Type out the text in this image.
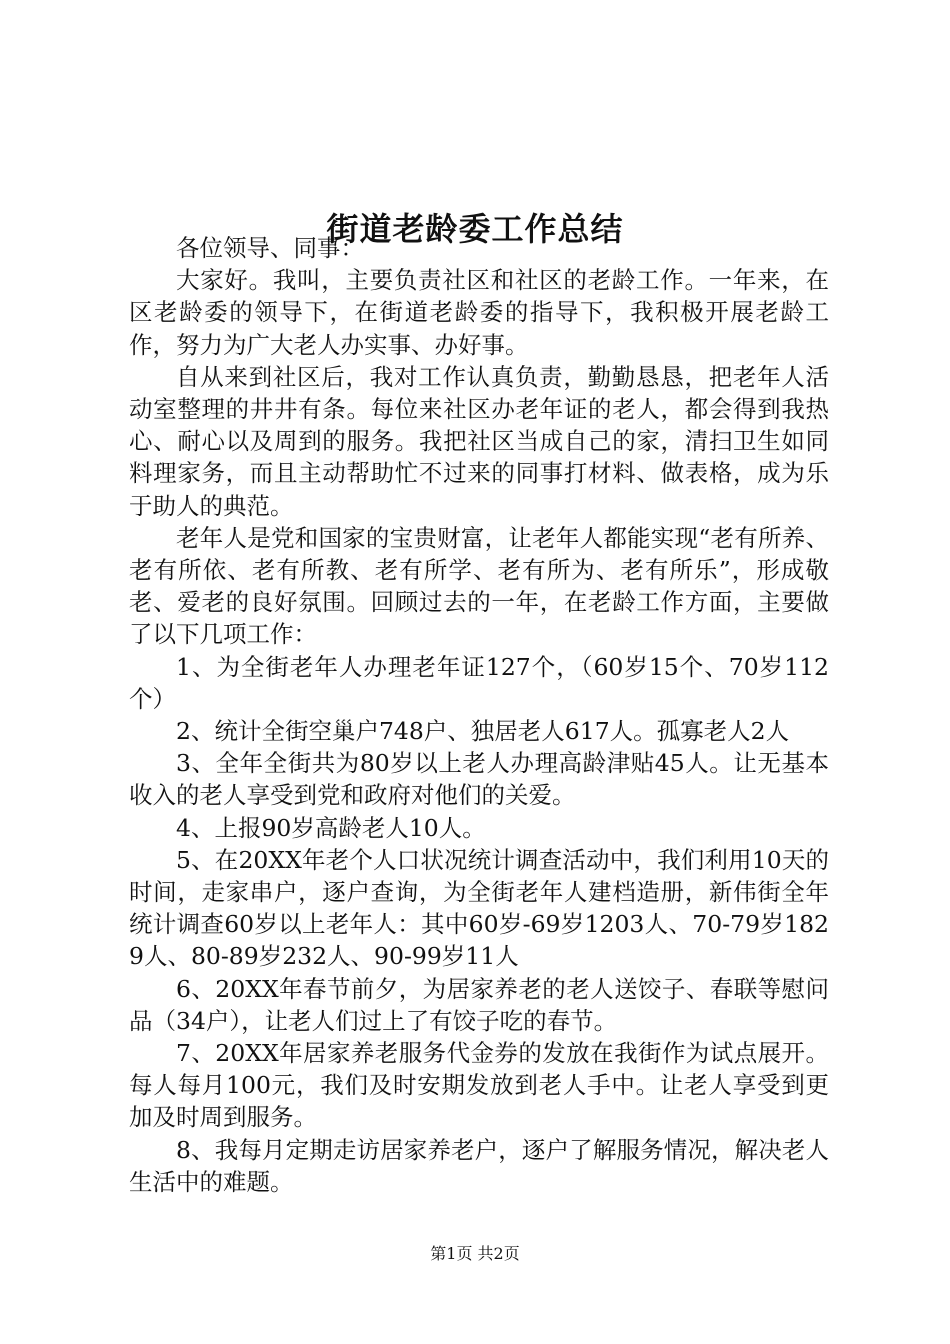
街道老龄委工作总结

各位领导、同事：

大家好。我叫，主要负责社区和社区的老龄工作。一年来，在区老龄委的领导下，在街道老龄委的指导下，我积极开展老龄工作，努力为广大老人办实事、办好事。

自从来到社区后，我对工作认真负责，勤勤恳恳，把老年人活动室整理的井井有条。每位来社区办老年证的老人，都会得到我热心、耐心以及周到的服务。我把社区当成自己的家，清扫卫生如同料理家务，而且主动帮助忙不过来的同事打材料、做表格，成为乐于助人的典范。

老年人是党和国家的宝贵财富，让老年人都能实现“老有所养、老有所依、老有所教、老有所学、老有所为、老有所乐”，形成敬老、爱老的良好氛围。回顾过去的一年，在老龄工作方面，主要做了以下几项工作：

1、为全街老年人办理老年证127个，（60岁15个、70岁112个）

2、统计全街空巢户748户、独居老人617人。孤寡老人2人

3、全年全街共为80岁以上老人办理高龄津贴45人。让无基本收入的老人享受到党和政府对他们的关爱。

4、上报90岁高龄老人10人。

5、在20XX年老个人口状况统计调查活动中，我们利用10天的时间，走家串户，逐户查询，为全街老年人建档造册，新伟街全年统计调查60岁以上老年人：其中60岁-69岁1203人、70-79岁1829人、80-89岁232人、90-99岁11人

6、20XX年春节前夕，为居家养老的老人送饺子、春联等慰问品（34户），让老人们过上了有饺子吃的春节。

7、20XX年居家养老服务代金券的发放在我街作为试点展开。每人每月100元，我们及时安期发放到老人手中。让老人享受到更加及时周到服务。

8、我每月定期走访居家养老户，逐户了解服务情况，解决老人生活中的难题。

第1页 共2页
